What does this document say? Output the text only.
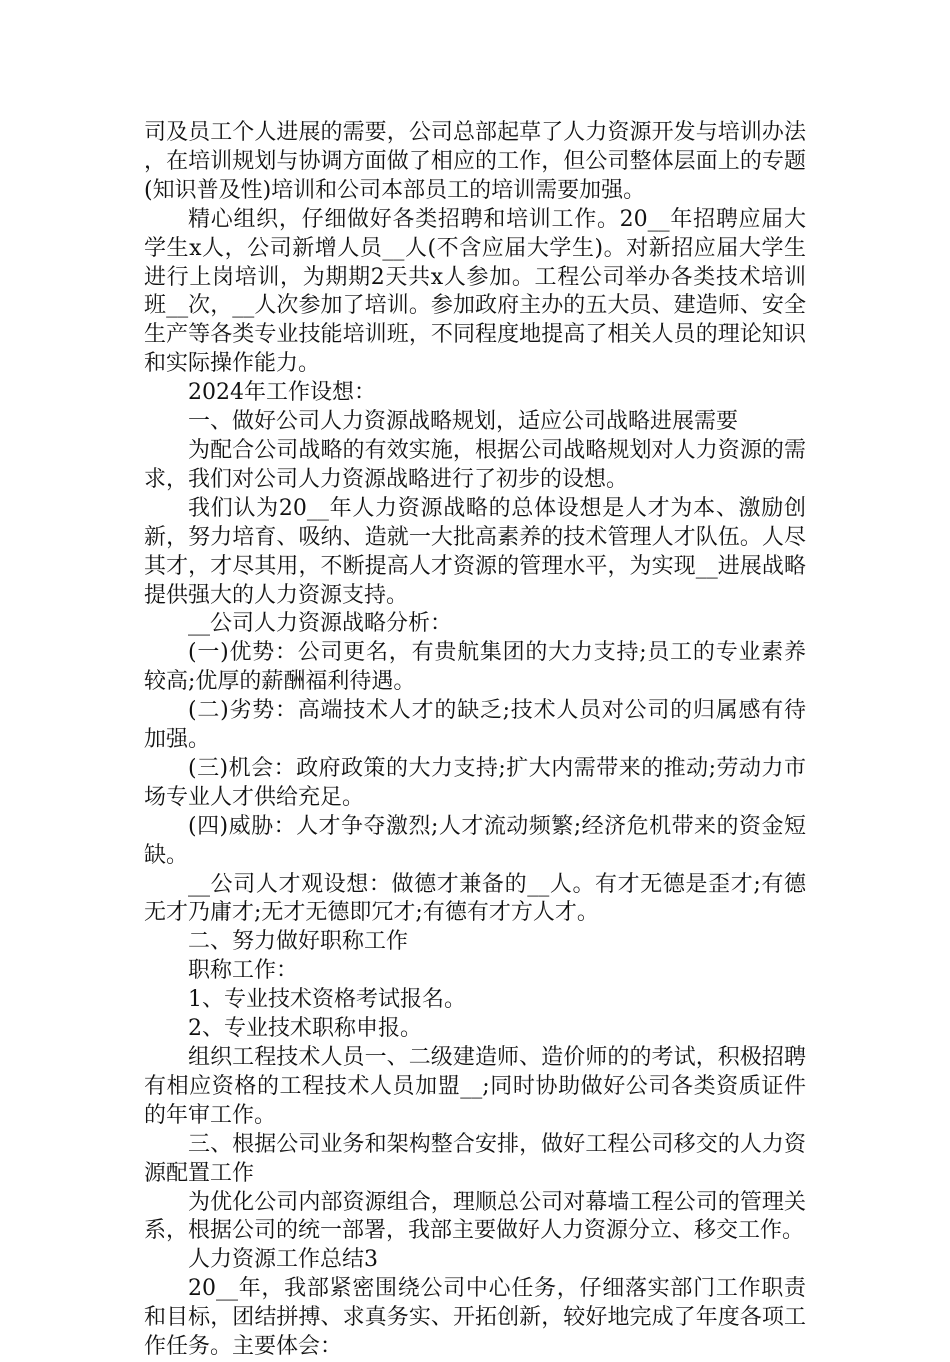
司及员工个人进展的需要，公司总部起草了人力资源开发与培训办法，在培训规划与协调方面做了相应的工作，但公司整体层面上的专题(知识普及性)培训和公司本部员工的培训需要加强。

精心组织，仔细做好各类招聘和培训工作。20__年招聘应届大学生x人，公司新增人员__人(不含应届大学生)。对新招应届大学生进行上岗培训，为期期2天共x人参加。工程公司举办各类技术培训班__次，__人次参加了培训。参加政府主办的五大员、建造师、安全生产等各类专业技能培训班，不同程度地提高了相关人员的理论知识和实际操作能力。

2024年工作设想：

一、做好公司人力资源战略规划，适应公司战略进展需要

为配合公司战略的有效实施，根据公司战略规划对人力资源的需求，我们对公司人力资源战略进行了初步的设想。

我们认为20__年人力资源战略的总体设想是人才为本、激励创新，努力培育、吸纳、造就一大批高素养的技术管理人才队伍。人尽其才，才尽其用，不断提高人才资源的管理水平，为实现__进展战略提供强大的人力资源支持。

__公司人力资源战略分析：

(一)优势：公司更名，有贵航集团的大力支持;员工的专业素养较高;优厚的薪酬福利待遇。

(二)劣势：高端技术人才的缺乏;技术人员对公司的归属感有待加强。

(三)机会：政府政策的大力支持;扩大内需带来的推动;劳动力市场专业人才供给充足。

(四)威胁：人才争夺激烈;人才流动频繁;经济危机带来的资金短缺。

__公司人才观设想：做德才兼备的__人。有才无德是歪才;有德无才乃庸才;无才无德即冗才;有德有才方人才。

二、努力做好职称工作

职称工作：

1、专业技术资格考试报名。

2、专业技术职称申报。

组织工程技术人员一、二级建造师、造价师的的考试，积极招聘有相应资格的工程技术人员加盟__;同时协助做好公司各类资质证件的年审工作。

三、根据公司业务和架构整合安排，做好工程公司移交的人力资源配置工作

为优化公司内部资源组合，理顺总公司对幕墙工程公司的管理关系，根据公司的统一部署，我部主要做好人力资源分立、移交工作。

人力资源工作总结3

20__年，我部紧密围绕公司中心任务，仔细落实部门工作职责和目标，团结拼搏、求真务实、开拓创新，较好地完成了年度各项工作任务。主要体会：
